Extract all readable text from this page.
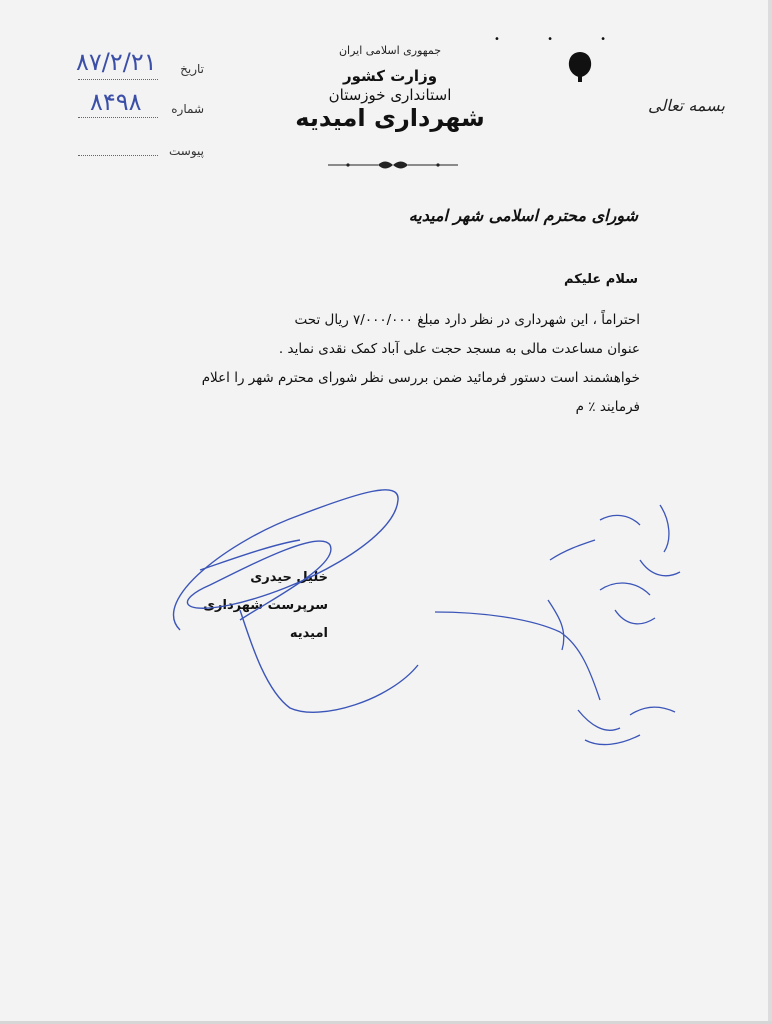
• • •
جمهوری اسلامی ایران
وزارت کشور
استانداری خوزستان
شهرداری امیدیه	بسمه تعالی
تاریخ
۸۷/۲/۲۱
شماره
۸۴۹۸
پیوست
شورای محترم اسلامی شهر امیدیه
سلام علیکم

احتراماً ، این شهرداری در نظر دارد مبلغ ۷/۰۰۰/۰۰۰ ریال تحت

عنوان مساعدت مالی به مسجد حجت علی آباد کمک نقدی نماید .

خواهشمند است دستور فرمائید ضمن بررسی نظر شورای محترم شهر را اعلام

فرمایند ٪ م

خلیل حیدری
سرپرست شهرداری امیدیه
